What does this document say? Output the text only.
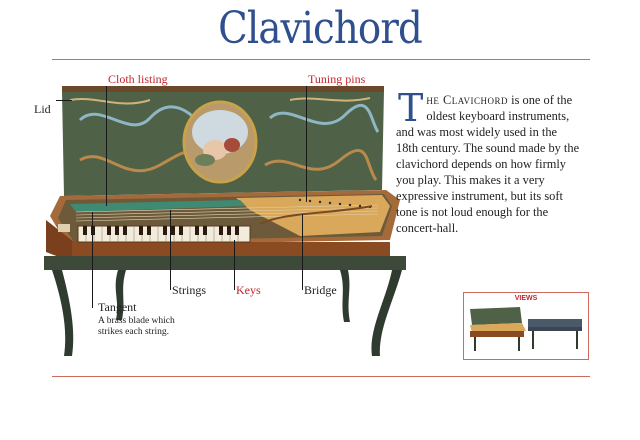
Clavichord
Lid
Cloth listing	Tuning pins
Strings Keys	Bridge
Tangent
A brass blade which
strikes each string.

The Clavichord is one of the oldest keyboard instruments, and was most widely used in the 18th century. The sound made by the clavichord depends on how firmly you play. This makes it a very expressive instrument, but its soft tone is not loud enough for the concert-hall.

VIEWS
